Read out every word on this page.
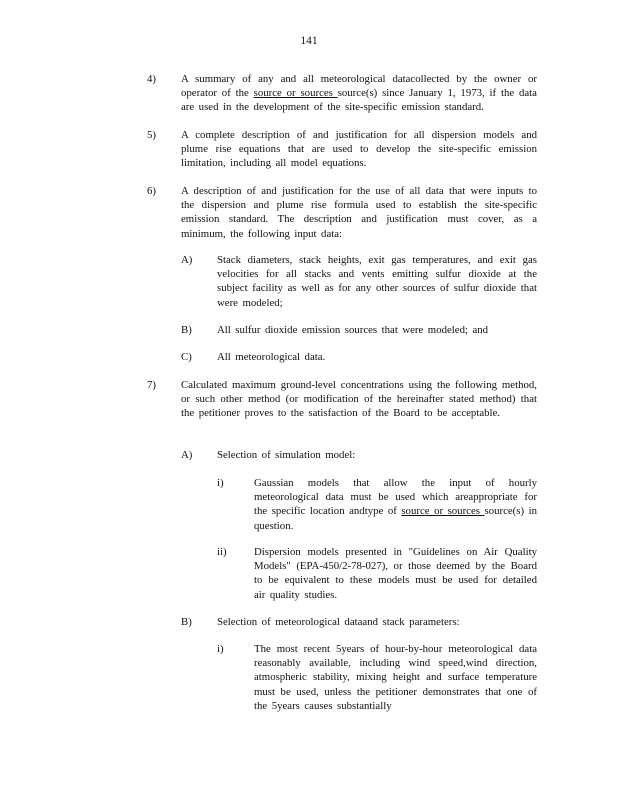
141
4)	A summary of any and all meteorological datacollected by the owner or operator of the source or sources source(s) since January 1, 1973, if the data are used in the development of the site-specific emission standard.
5)	A complete description of and justification for all dispersion models and plume rise equations that are used to develop the site-specific emission limitation, including all model equations.
6)	A description of and justification for the use of all data that were inputs to the dispersion and plume rise formula used to establish the site-specific emission standard. The description and justification must cover, as a minimum, the following input data:
A)	Stack diameters, stack heights, exit gas temperatures, and exit gas velocities for all stacks and vents emitting sulfur dioxide at the subject facility as well as for any other sources of sulfur dioxide that were modeled;
B)	All sulfur dioxide emission sources that were modeled; and
C)	All meteorological data.
7)	Calculated maximum ground-level concentrations using the following method, or such other method (or modification of the hereinafter stated method) that the petitioner proves to the satisfaction of the Board to be acceptable.
A)	Selection of simulation model:
i)	Gaussian models that allow the input of hourly meteorological data must be used which areappropriate for the specific location andtype of source or sources source(s) in question.
ii)	Dispersion models presented in "Guidelines on Air Quality Models" (EPA-450/2-78-027), or those deemed by the Board to be equivalent to these models must be used for detailed air quality studies.
B)	Selection of meteorological dataand stack parameters:
i)	The most recent 5years of hour-by-hour meteorological data reasonably available, including wind speed,wind direction, atmospheric stability, mixing height and surface temperature must be used, unless the petitioner demonstrates that one of the 5years causes substantially
